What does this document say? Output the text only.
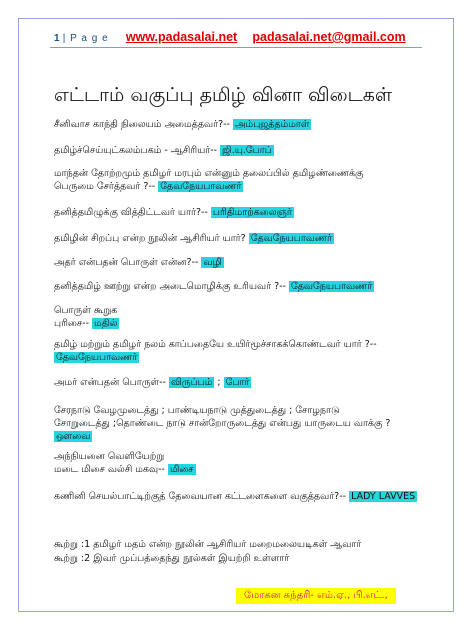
1 | P a g e www.padasalai.net padasalai.net@gmail.com
எட்டாம் வகுப்பு தமிழ் வினா விடைகள்
சீனிவாச காந்தி நிலையம் அமைத்தவர்?-- அம்புஜத்தம்மாள்
தமிழ்ச்செய்யுட்கலம்பகம் - ஆசிரியர்-- ஜி.யு.போப்
மாந்தன் தோற்றமும் தமிழர் மரபும் என்னும் தலைப்பில் தமிழண்ணைக்கு
பெருமை சேர்த்தவர் ?-- தேவநேயபாவணர்
தனித்தமிழுக்கு வித்திட்டவர் யார்?-- பரிதிமாற்கலைஞர்
தமிழின் சிறப்பு என்ற நூலின் ஆசிரியர் யார்? தேவநேயபாவணர்
அதர் என்பதன் பொருள் என்ன?-- வழி
தனித்தமிழ் ஊற்று என்ற அடைமொழிக்கு உரியவர் ?-- தேவநேயபாவணர்
பொருள் கூறுக
புரிசை-- மதில்
தமிழ் மற்றும் தமிழர் நலம் காப்பதையே உயிர்மூச்சாகக்கொண்டவர் யார் ?--
தேவநேயபாவணர்
அமர் என்பதன் பொருள்-- விருப்பம் ; போர்
சேரநாடு வேழமுடைத்து ; பாண்டியநாடு முத்துடைத்து ; சோழநாடு
சோறுடைத்து ;தொண்டை நாடு சான்றோருடைத்து என்பது யாருடைய வாக்கு ?
ஔவை
அந்நியனை வெளியேற்று
மடை மிசை வல்சி மகவு-- மிசை
கணினி செயல்பாட்டிற்குத் தேவையான கட்டளைகளை வகுத்தவர்?-- LADY LAVVES
கூற்று :1 தமிழர் மதம் என்ற நூலின் ஆசிரியர் மறைமலையடிகள் ஆவார்
கூற்று :2 இவர் முப்பத்தைந்து நூல்கள் இயற்றி உள்ளார்
மோகன சுந்தரி- எம்.ஏ., பி.எட்.,
